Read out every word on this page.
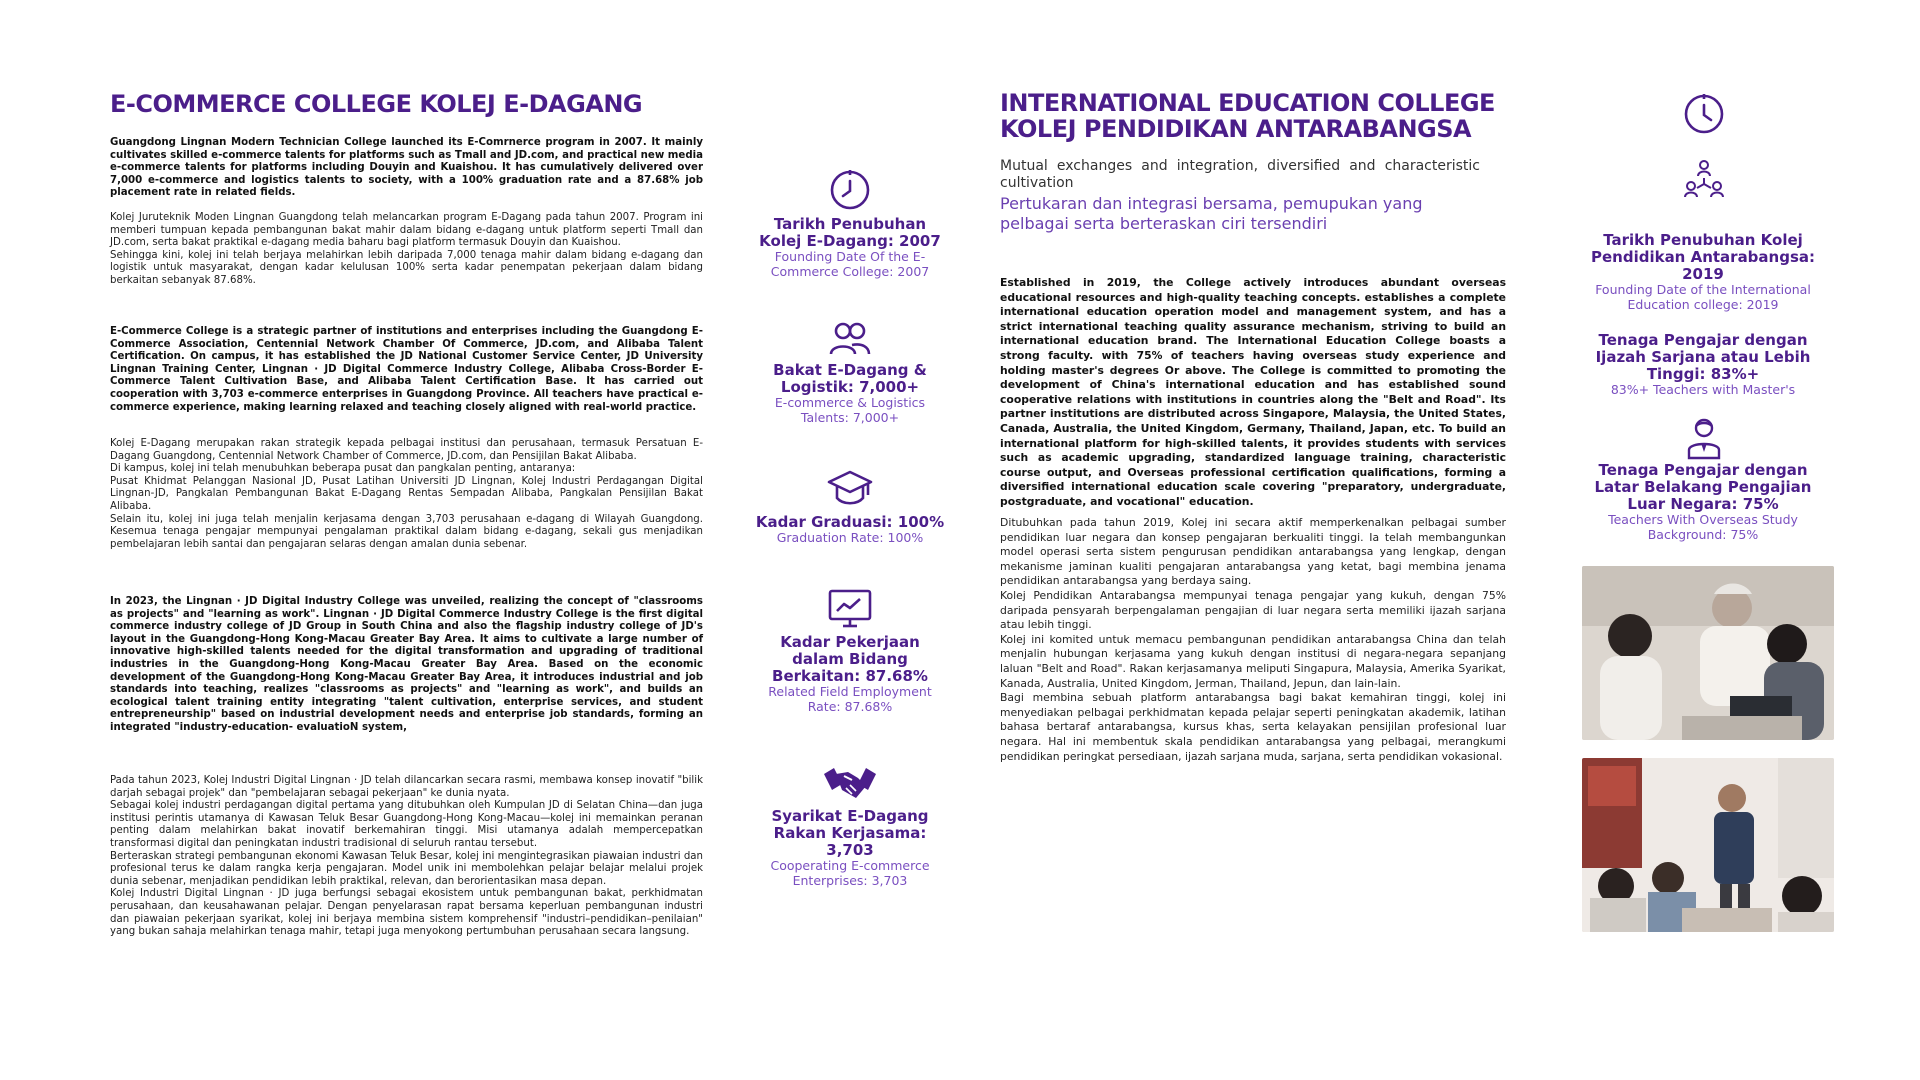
E-COMMERCE COLLEGE KOLEJ E-DAGANG

Guangdong Lingnan Modern Technician College launched its E-Comrnerce program in 2007. It mainly cultivates skilled e-commerce talents for platforms such as Tmall and JD.com, and practical new media e-commerce talents for platforms including Douyin and Kuaishou. It has cumulatively delivered over 7,000 e-commerce and logistics talents to society, with a 100% graduation rate and a 87.68% job placement rate in related fields.

Kolej Juruteknik Moden Lingnan Guangdong telah melancarkan program E-Dagang pada tahun 2007. Program ini memberi tumpuan kepada pembangunan bakat mahir dalam bidang e-dagang untuk platform seperti Tmall dan JD.com, serta bakat praktikal e-dagang media baharu bagi platform termasuk Douyin dan Kuaishou.
Sehingga kini, kolej ini telah berjaya melahirkan lebih daripada 7,000 tenaga mahir dalam bidang e-dagang dan logistik untuk masyarakat, dengan kadar kelulusan 100% serta kadar penempatan pekerjaan dalam bidang berkaitan sebanyak 87.68%.

E-Commerce College is a strategic partner of institutions and enterprises including the Guangdong E-Commerce Association, Centennial Network Chamber Of Commerce, JD.com, and Alibaba Talent Certification. On campus, it has established the JD National Customer Service Center, JD University Lingnan Training Center, Lingnan · JD Digital Commerce Industry College, Alibaba Cross-Border E-Commerce Talent Cultivation Base, and Alibaba Talent Certification Base. It has carried out cooperation with 3,703 e-commerce enterprises in Guangdong Province. All teachers have practical e-commerce experience, making learning relaxed and teaching closely aligned with real-world practice.

Kolej E-Dagang merupakan rakan strategik kepada pelbagai institusi dan perusahaan, termasuk Persatuan E-Dagang Guangdong, Centennial Network Chamber of Commerce, JD.com, dan Pensijilan Bakat Alibaba.
Di kampus, kolej ini telah menubuhkan beberapa pusat dan pangkalan penting, antaranya:
Pusat Khidmat Pelanggan Nasional JD, Pusat Latihan Universiti JD Lingnan, Kolej Industri Perdagangan Digital Lingnan-JD, Pangkalan Pembangunan Bakat E-Dagang Rentas Sempadan Alibaba, Pangkalan Pensijilan Bakat Alibaba.
Selain itu, kolej ini juga telah menjalin kerjasama dengan 3,703 perusahaan e-dagang di Wilayah Guangdong. Kesemua tenaga pengajar mempunyai pengalaman praktikal dalam bidang e-dagang, sekali gus menjadikan pembelajaran lebih santai dan pengajaran selaras dengan amalan dunia sebenar.

In 2023, the Lingnan · JD Digital Industry College was unveiled, realizing the concept of "classrooms as projects" and "learning as work". Lingnan · JD Digital Commerce Industry College is the first digital commerce industry college of JD Group in South China and also the flagship industry college of JD's layout in the Guangdong-Hong Kong-Macau Greater Bay Area. It aims to cultivate a large number of innovative high-skilled talents needed for the digital transformation and upgrading of traditional industries in the Guangdong-Hong Kong-Macau Greater Bay Area. Based on the economic development of the Guangdong-Hong Kong-Macau Greater Bay Area, it introduces industrial and job standards into teaching, realizes "classrooms as projects" and "learning as work", and builds an ecological talent training entity integrating "talent cultivation, enterprise services, and student entrepreneurship" based on industrial development needs and enterprise job standards, forming an integrated "industry-education- evaluatioN system,

Pada tahun 2023, Kolej Industri Digital Lingnan · JD telah dilancarkan secara rasmi, membawa konsep inovatif "bilik darjah sebagai projek" dan "pembelajaran sebagai pekerjaan" ke dunia nyata.
Sebagai kolej industri perdagangan digital pertama yang ditubuhkan oleh Kumpulan JD di Selatan China—dan juga institusi perintis utamanya di Kawasan Teluk Besar Guangdong-Hong Kong-Macau—kolej ini memainkan peranan penting dalam melahirkan bakat inovatif berkemahiran tinggi. Misi utamanya adalah mempercepatkan transformasi digital dan peningkatan industri tradisional di seluruh rantau tersebut.
Berteraskan strategi pembangunan ekonomi Kawasan Teluk Besar, kolej ini mengintegrasikan piawaian industri dan profesional terus ke dalam rangka kerja pengajaran. Model unik ini membolehkan pelajar belajar melalui projek dunia sebenar, menjadikan pendidikan lebih praktikal, relevan, dan berorientasikan masa depan.
Kolej Industri Digital Lingnan · JD juga berfungsi sebagai ekosistem untuk pembangunan bakat, perkhidmatan perusahaan, dan keusahawanan pelajar. Dengan penyelarasan rapat bersama keperluan pembangunan industri dan piawaian pekerjaan syarikat, kolej ini berjaya membina sistem komprehensif "industri–pendidikan–penilaian" yang bukan sahaja melahirkan tenaga mahir, tetapi juga menyokong pertumbuhan perusahaan secara langsung.
Tarikh Penubuhan Kolej E-Dagang: 2007
Founding Date Of the E-Commerce College: 2007
Bakat E-Dagang & Logistik: 7,000+
E-commerce & Logistics Talents: 7,000+
Kadar Graduasi: 100%
Graduation Rate: 100%
Kadar Pekerjaan dalam Bidang Berkaitan: 87.68%
Related Field Employment Rate: 87.68%
Syarikat E-Dagang Rakan Kerjasama: 3,703
Cooperating E-commerce Enterprises: 3,703
INTERNATIONAL EDUCATION COLLEGE
KOLEJ PENDIDIKAN ANTARABANGSA

Mutual exchanges and integration, diversified and characteristic cultivation

Pertukaran dan integrasi bersama, pemupukan yang pelbagai serta berteraskan ciri tersendiri

Established in 2019, the College actively introduces abundant overseas educational resources and high-quality teaching concepts. establishes a complete international education operation model and management system, and has a strict international teaching quality assurance mechanism, striving to build an international education brand. The International Education College boasts a strong faculty. with 75% of teachers having overseas study experience and holding master's degrees Or above. The College is committed to promoting the development of China's international education and has established sound cooperative relations with institutions in countries along the "Belt and Road". Its partner institutions are distributed across Singapore, Malaysia, the United States, Canada, Australia, the United Kingdom, Germany, Thailand, Japan, etc. To build an international platform for high-skilled talents, it provides students with services such as academic upgrading, standardized language training, characteristic course output, and Overseas professional certification qualifications, forming a diversified international education scale covering "preparatory, undergraduate, postgraduate, and vocational" education.

Ditubuhkan pada tahun 2019, Kolej ini secara aktif memperkenalkan pelbagai sumber pendidikan luar negara dan konsep pengajaran berkualiti tinggi. Ia telah membangunkan model operasi serta sistem pengurusan pendidikan antarabangsa yang lengkap, dengan mekanisme jaminan kualiti pengajaran antarabangsa yang ketat, bagi membina jenama pendidikan antarabangsa yang berdaya saing.
Kolej Pendidikan Antarabangsa mempunyai tenaga pengajar yang kukuh, dengan 75% daripada pensyarah berpengalaman pengajian di luar negara serta memiliki ijazah sarjana atau lebih tinggi.
Kolej ini komited untuk memacu pembangunan pendidikan antarabangsa China dan telah menjalin hubungan kerjasama yang kukuh dengan institusi di negara-negara sepanjang laluan "Belt and Road". Rakan kerjasamanya meliputi Singapura, Malaysia, Amerika Syarikat, Kanada, Australia, United Kingdom, Jerman, Thailand, Jepun, dan lain-lain.
Bagi membina sebuah platform antarabangsa bagi bakat kemahiran tinggi, kolej ini menyediakan pelbagai perkhidmatan kepada pelajar seperti peningkatan akademik, latihan bahasa bertaraf antarabangsa, kursus khas, serta kelayakan pensijilan profesional luar negara. Hal ini membentuk skala pendidikan antarabangsa yang pelbagai, merangkumi pendidikan peringkat persediaan, ijazah sarjana muda, sarjana, serta pendidikan vokasional.
Tarikh Penubuhan Kolej Pendidikan Antarabangsa: 2019
Founding Date of the International Education college: 2019
Tenaga Pengajar dengan Ijazah Sarjana atau Lebih Tinggi: 83%+
83%+ Teachers with Master's
Tenaga Pengajar dengan Latar Belakang Pengajian Luar Negara: 75%
Teachers With Overseas Study Background: 75%
